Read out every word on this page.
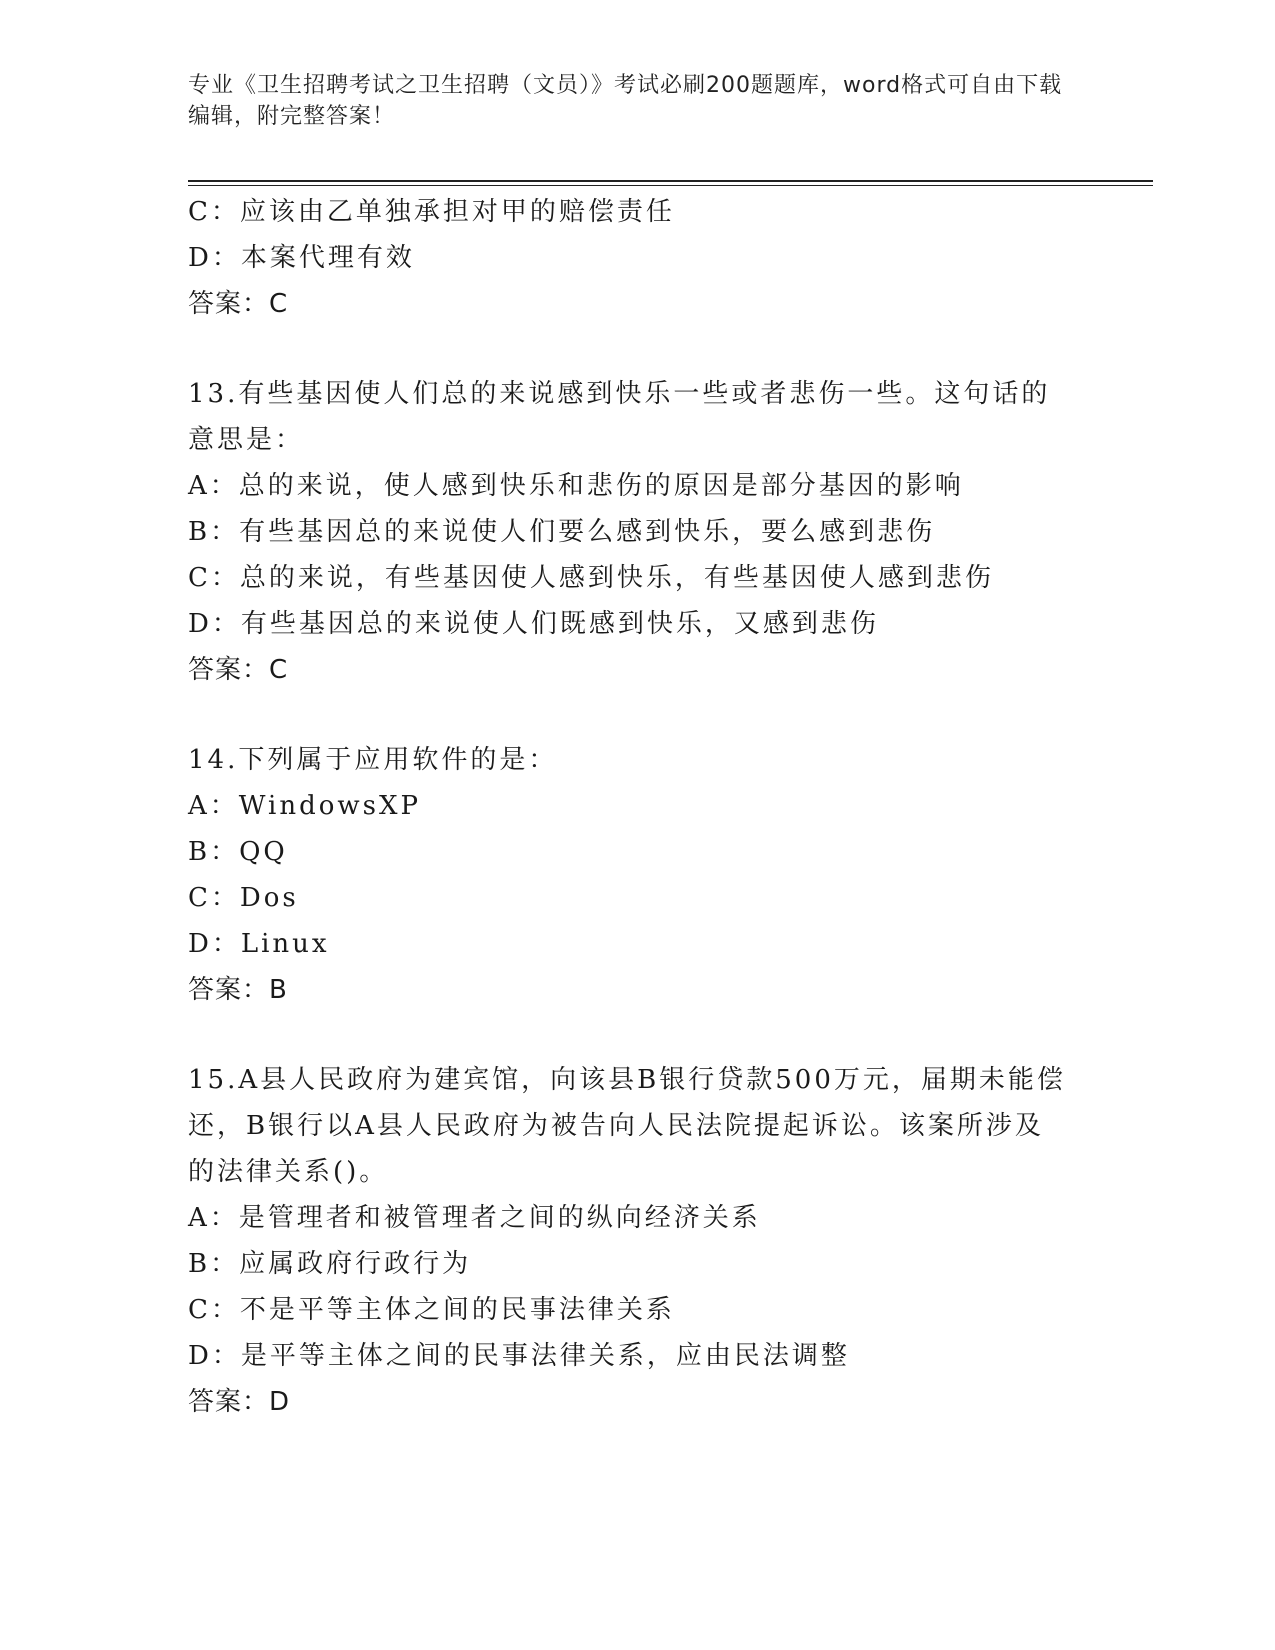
专业《卫生招聘考试之卫生招聘（文员）》考试必刷200题题库，word格式可自由下载编辑，附完整答案！
C：应该由乙单独承担对甲的赔偿责任
D：本案代理有效
答案：C
13.有些基因使人们总的来说感到快乐一些或者悲伤一些。这句话的意思是：
A：总的来说，使人感到快乐和悲伤的原因是部分基因的影响
B：有些基因总的来说使人们要么感到快乐，要么感到悲伤
C：总的来说，有些基因使人感到快乐，有些基因使人感到悲伤
D：有些基因总的来说使人们既感到快乐，又感到悲伤
答案：C
14.下列属于应用软件的是：
A：WindowsXP
B：QQ
C：Dos
D：Linux
答案：B
15.A县人民政府为建宾馆，向该县B银行贷款500万元，届期未能偿还，B银行以A县人民政府为被告向人民法院提起诉讼。该案所涉及的法律关系()。
A：是管理者和被管理者之间的纵向经济关系
B：应属政府行政行为
C：不是平等主体之间的民事法律关系
D：是平等主体之间的民事法律关系，应由民法调整
答案：D
